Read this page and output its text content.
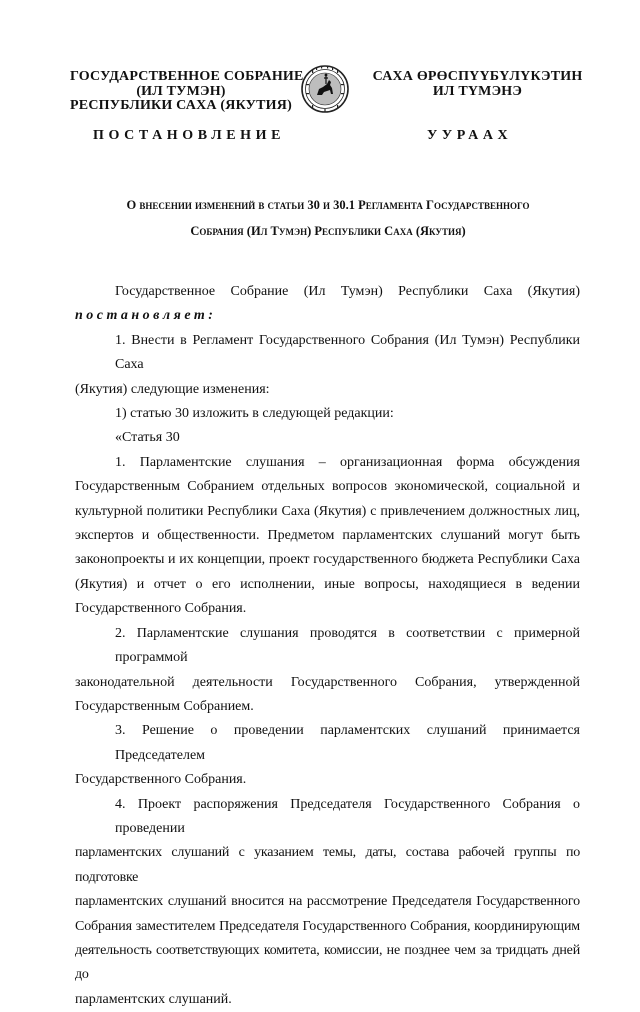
ГОСУДАРСТВЕННОЕ СОБРАНИЕ
(ИЛ ТУМЭН)
РЕСПУБЛИКИ САХА (ЯКУТИЯ)
САХА ӨРӨСПҮҮБҮЛҮКЭТИН
ИЛ ТҮМЭНЭ
ПОСТАНОВЛЕНИЕ	УУРААХ
О внесении изменений в статьи 30 и 30.1 Регламента Государственного
Собрания (Ил Тумэн) Республики Саха (Якутия)
Государственное Собрание (Ил Тумэн) Республики Саха (Якутия)
постановляет:
1. Внести в Регламент Государственного Собрания (Ил Тумэн) Республики Саха
(Якутия) следующие изменения:
1) статью 30 изложить в следующей редакции:
«Статья 30
1. Парламентские слушания – организационная форма обсуждения
Государственным Собранием отдельных вопросов экономической, социальной и
культурной политики Республики Саха (Якутия) с привлечением должностных лиц,
экспертов и общественности. Предметом парламентских слушаний могут быть
законопроекты и их концепции, проект государственного бюджета Республики Саха
(Якутия) и отчет о его исполнении, иные вопросы, находящиеся в ведении
Государственного Собрания.
2. Парламентские слушания проводятся в соответствии с примерной программой
законодательной деятельности Государственного Собрания, утвержденной
Государственным Собранием.
3. Решение о проведении парламентских слушаний принимается Председателем
Государственного Собрания.
4. Проект распоряжения Председателя Государственного Собрания о проведении
парламентских слушаний с указанием темы, даты, состава рабочей группы по подготовке
парламентских слушаний вносится на рассмотрение Председателя Государственного
Собрания заместителем Председателя Государственного Собрания, координирующим
деятельность соответствующих комитета, комиссии, не позднее чем за тридцать дней до
парламентских слушаний.
